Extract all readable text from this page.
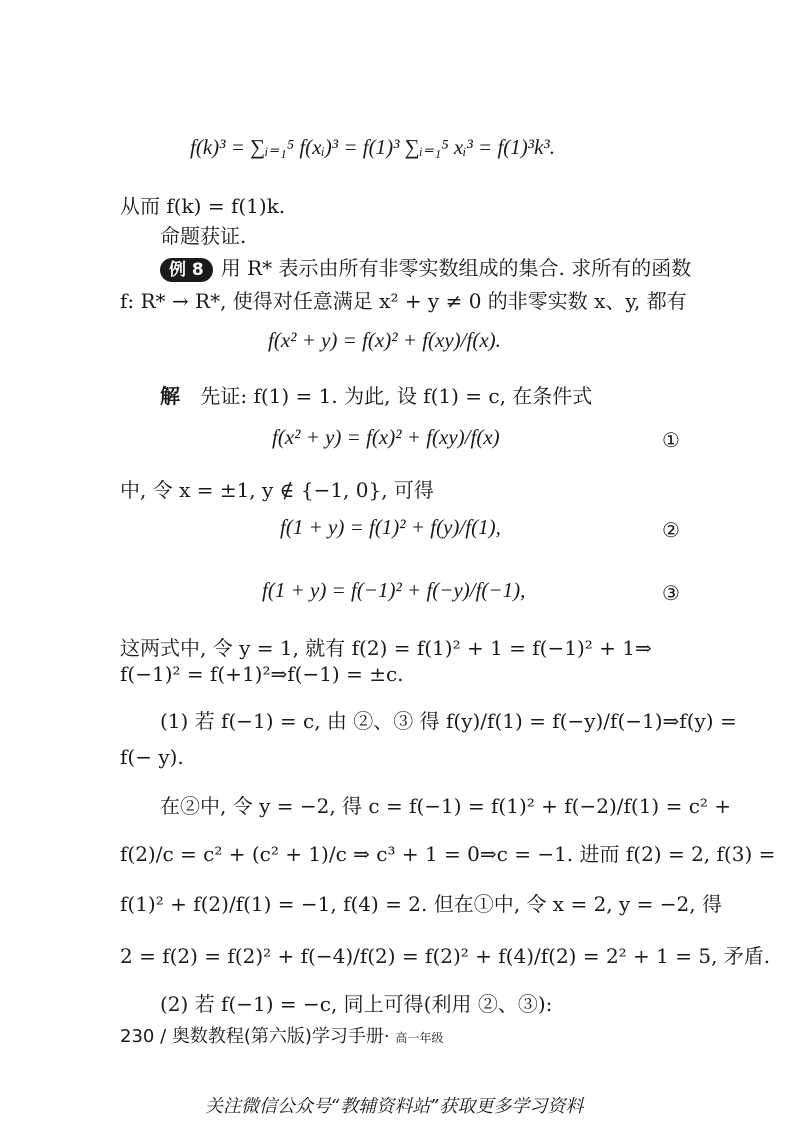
f(k)³ = ∑ᵢ₌₁⁵ f(xᵢ)³ = f(1)³ ∑ᵢ₌₁⁵ xᵢ³ = f(1)³k³.
从而 f(k) = f(1)k.
命题获证.
例 8 用 R* 表示由所有非零实数组成的集合. 求所有的函数
f: R* → R*, 使得对任意满足 x² + y ≠ 0 的非零实数 x、y, 都有
f(x² + y) = f(x)² + f(xy)/f(x).
解 先证: f(1) = 1. 为此, 设 f(1) = c, 在条件式
f(x² + y) = f(x)² + f(xy)/f(x)	①
中, 令 x = ±1, y ∉ {−1, 0}, 可得
f(1 + y) = f(1)² + f(y)/f(1),	②
f(1 + y) = f(−1)² + f(−y)/f(−1),	③
这两式中, 令 y = 1, 就有 f(2) = f(1)² + 1 = f(−1)² + 1⇒
f(−1)² = f(+1)²⇒f(−1) = ±c.
(1) 若 f(−1) = c, 由 ②、③ 得 f(y)/f(1) = f(−y)/f(−1)⇒f(y) =
f(− y).
在②中, 令 y = −2, 得 c = f(−1) = f(1)² + f(−2)/f(1) = c² +
f(2)/c = c² + (c² + 1)/c ⇒ c³ + 1 = 0⇒c = −1. 进而 f(2) = 2, f(3) =
f(1)² + f(2)/f(1) = −1, f(4) = 2. 但在①中, 令 x = 2, y = −2, 得
2 = f(2) = f(2)² + f(−4)/f(2) = f(2)² + f(4)/f(2) = 2² + 1 = 5, 矛盾.
(2) 若 f(−1) = −c, 同上可得(利用 ②、③):
230 / 奥数教程(第六版)学习手册· 高一年级
关注微信公众号“教辅资料站”获取更多学习资料
